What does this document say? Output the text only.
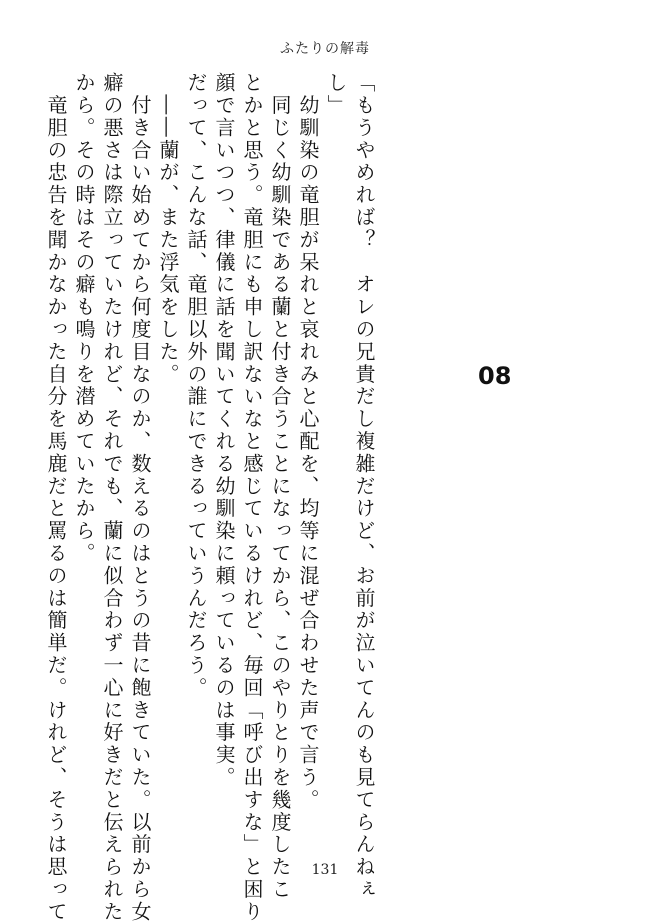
ふたりの解毒
08
「もうやめれば？　オレの兄貴だし複雑だけど、お前が泣いてんのも見てらんねぇ
し」
　幼馴染の竜胆が呆れと哀れみと心配を、均等に混ぜ合わせた声で言う。
　同じく幼馴染である蘭と付き合うことになってから、このやりとりを幾度したこ
とかと思う。竜胆にも申し訳ないなと感じているけれど、毎回「呼び出すな」と困り
顔で言いつつ、律儀に話を聞いてくれる幼馴染に頼っているのは事実。
だって、こんな話、竜胆以外の誰にできるっていうんだろう。
　――蘭が、また浮気をした。
　付き合い始めてから何度目なのか、数えるのはとうの昔に飽きていた。以前から女
癖の悪さは際立っていたけれど、それでも、蘭に似合わず一心に好きだと伝えられた
から。その時はその癖も鳴りを潜めていたから。
　竜胆の忠告を聞かなかった自分を馬鹿だと罵るのは簡単だ。けれど、そうは思って	131
